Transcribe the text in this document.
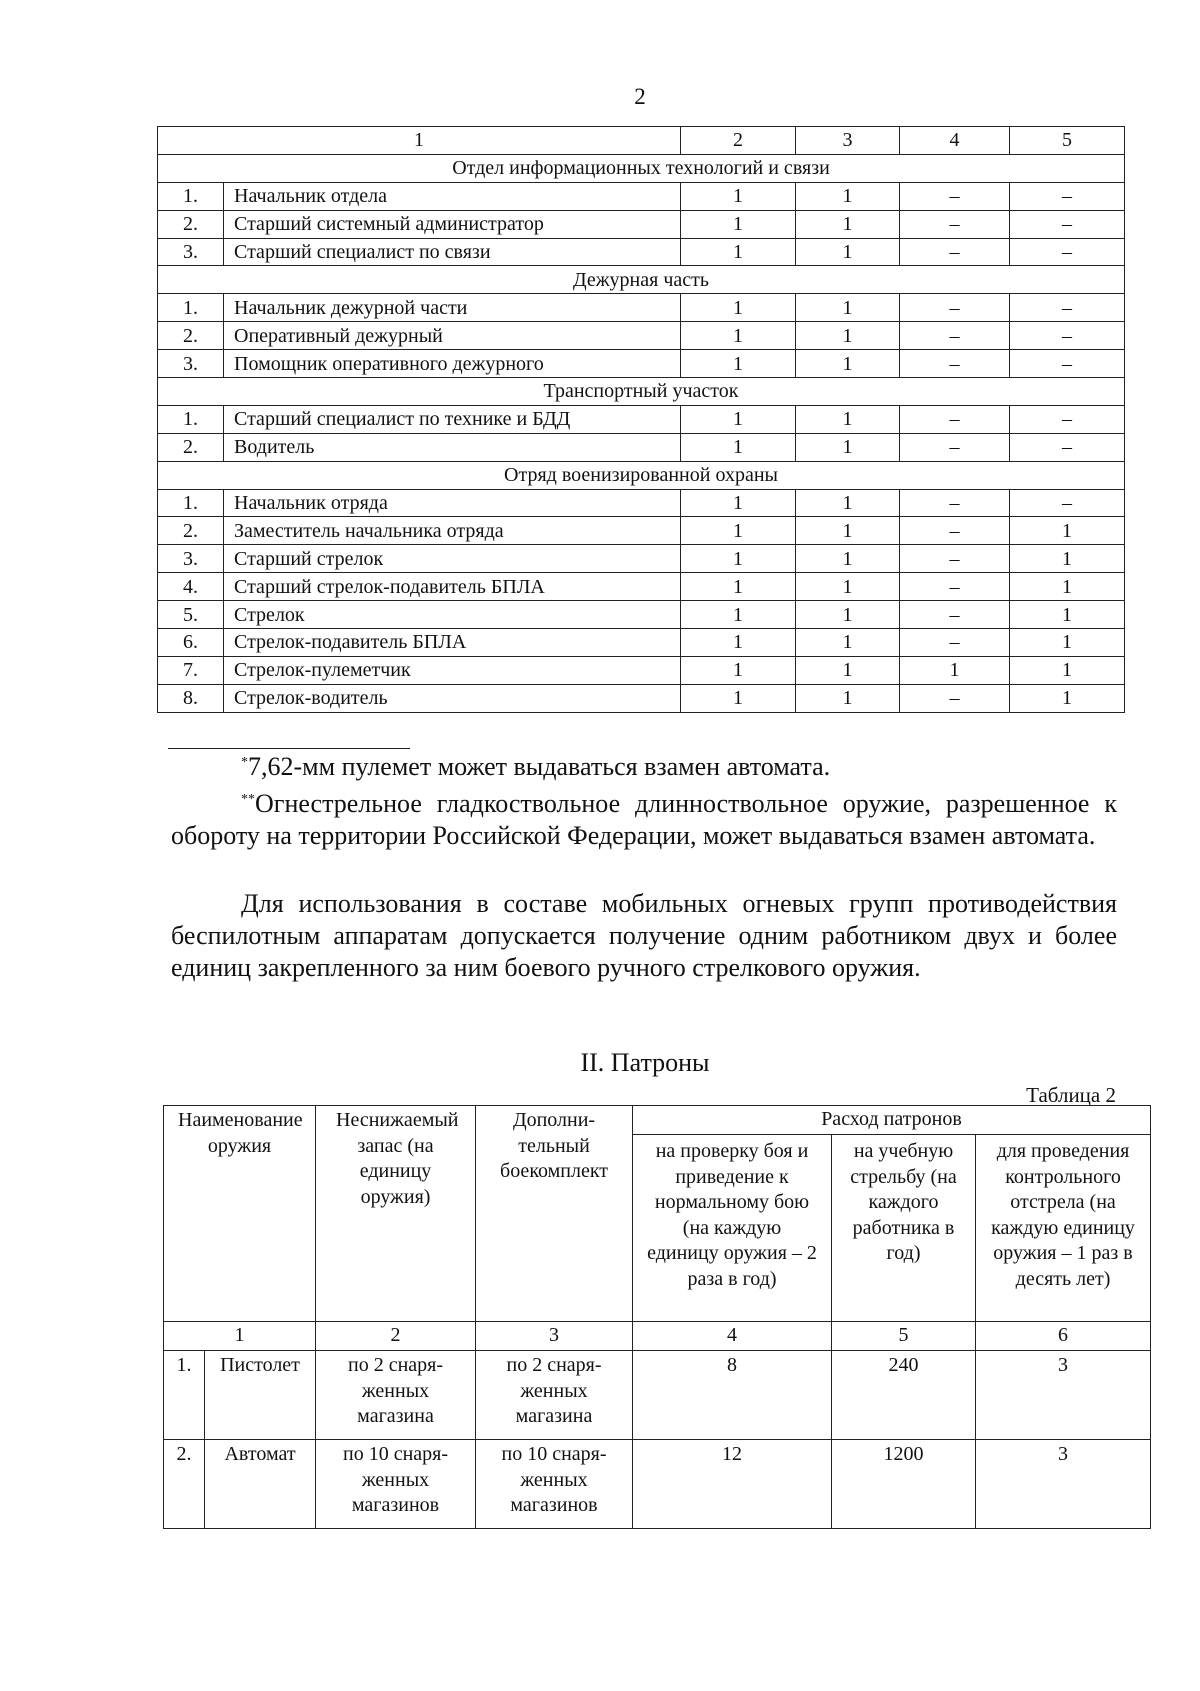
2
1		2	3	4	5
Отдел информационных технологий и связи					
1.	Начальник отдела	1	1	–	–
2.	Старший системный администратор	1	1	–	–
3.	Старший специалист по связи	1	1	–	–
Дежурная часть					
1.	Начальник дежурной части	1	1	–	–
2.	Оперативный дежурный	1	1	–	–
3.	Помощник оперативного дежурного	1	1	–	–
Транспортный участок					
1.	Старший специалист по технике и БДД	1	1	–	–
2.	Водитель	1	1	–	–
Отряд военизированной охраны					
1.	Начальник отряда	1	1	–	–
2.	Заместитель начальника отряда	1	1	–	1
3.	Старший стрелок	1	1	–	1
4.	Старший стрелок-подавитель БПЛА	1	1	–	1
5.	Стрелок	1	1	–	1
6.	Стрелок-подавитель БПЛА	1	1	–	1
7.	Стрелок-пулеметчик	1	1	1	1
8.	Стрелок-водитель	1	1	–	1
*7,62-мм пулемет может выдаваться взамен автомата.
**Огнестрельное гладкоствольное длинноствольное оружие, разрешенное к обороту на территории Российской Федерации, может выдаваться взамен автомата.
Для использования в составе мобильных огневых групп противодействия беспилотным аппаратам допускается получение одним работником двух и более единиц закрепленного за ним боевого ручного стрелкового оружия.
II. Патроны
Таблица 2
Наименование оружия		Неснижаемый запас (на единицу оружия)	Дополни-тельный боекомплект	Расход патронов		
				на проверку боя и приведение к нормальному бою (на каждую единицу оружия – 2 раза в год)	на учебную стрельбу (на каждого работника в год)	для проведения контрольного отстрела (на каждую единицу оружия – 1 раз в десять лет)
1		2	3	4	5	6
1.	Пистолет	по 2 снаря-женных магазина	по 2 снаря-женных магазина	8	240	3
2.	Автомат	по 10 снаря-женных магазинов	по 10 снаря-женных магазинов	12	1200	3
